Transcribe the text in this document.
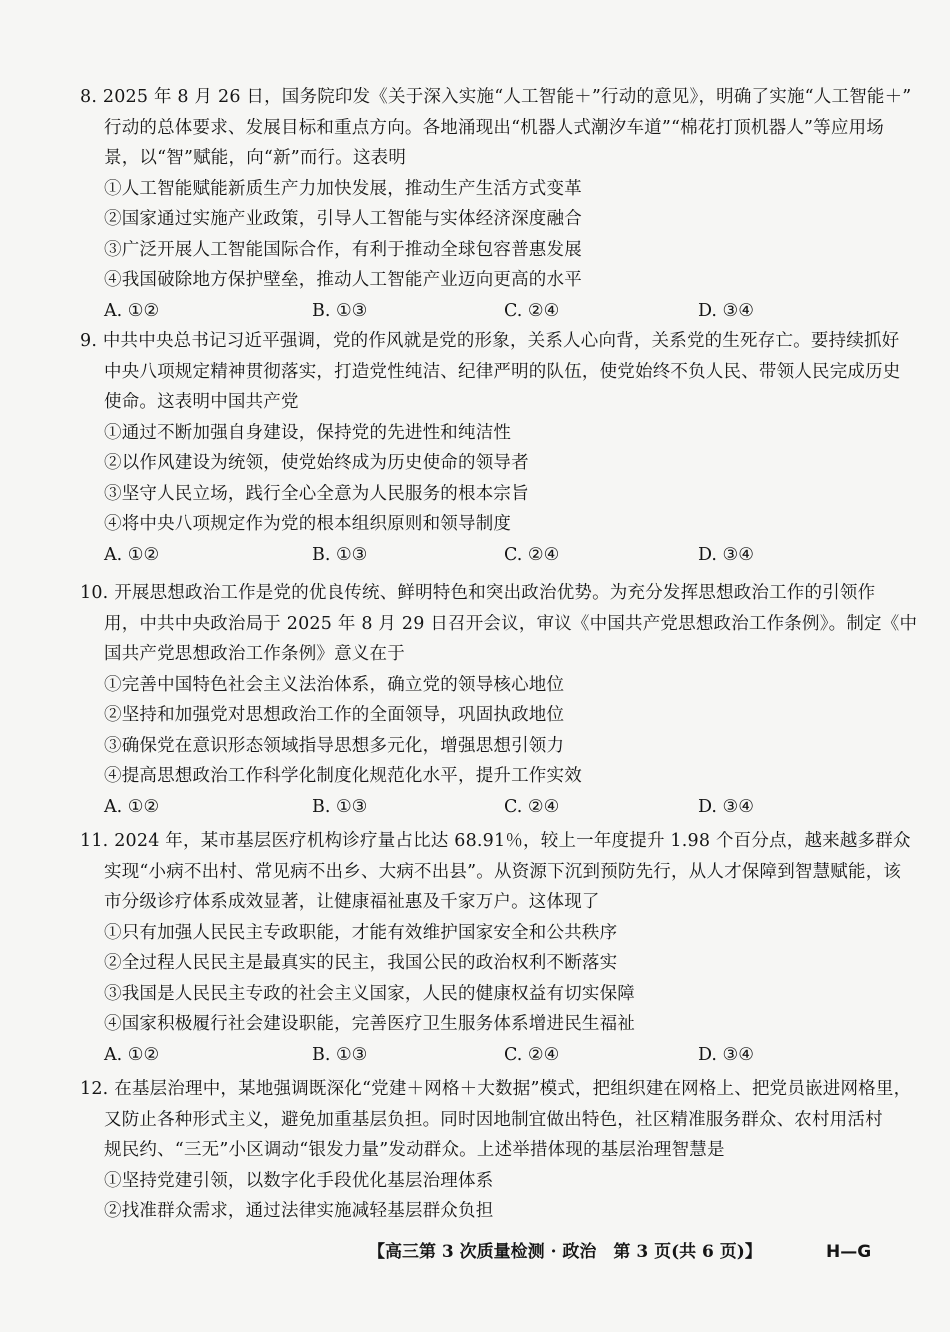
8. 2025 年 8 月 26 日，国务院印发《关于深入实施“人工智能＋”行动的意见》，明确了实施“人工智能＋”
行动的总体要求、发展目标和重点方向。各地涌现出“机器人式潮汐车道”“棉花打顶机器人”等应用场
景，以“智”赋能，向“新”而行。这表明
①人工智能赋能新质生产力加快发展，推动生产生活方式变革
②国家通过实施产业政策，引导人工智能与实体经济深度融合
③广泛开展人工智能国际合作，有利于推动全球包容普惠发展
④我国破除地方保护壁垒，推动人工智能产业迈向更高的水平
A. ①②	B. ①③	C. ②④	D. ③④
9. 中共中央总书记习近平强调，党的作风就是党的形象，关系人心向背，关系党的生死存亡。要持续抓好
中央八项规定精神贯彻落实，打造党性纯洁、纪律严明的队伍，使党始终不负人民、带领人民完成历史
使命。这表明中国共产党
①通过不断加强自身建设，保持党的先进性和纯洁性
②以作风建设为统领，使党始终成为历史使命的领导者
③坚守人民立场，践行全心全意为人民服务的根本宗旨
④将中央八项规定作为党的根本组织原则和领导制度
A. ①②	B. ①③	C. ②④	D. ③④
10. 开展思想政治工作是党的优良传统、鲜明特色和突出政治优势。为充分发挥思想政治工作的引领作
用，中共中央政治局于 2025 年 8 月 29 日召开会议，审议《中国共产党思想政治工作条例》。制定《中
国共产党思想政治工作条例》意义在于
①完善中国特色社会主义法治体系，确立党的领导核心地位
②坚持和加强党对思想政治工作的全面领导，巩固执政地位
③确保党在意识形态领域指导思想多元化，增强思想引领力
④提高思想政治工作科学化制度化规范化水平，提升工作实效
A. ①②	B. ①③	C. ②④	D. ③④
11. 2024 年，某市基层医疗机构诊疗量占比达 68.91％，较上一年度提升 1.98 个百分点，越来越多群众
实现“小病不出村、常见病不出乡、大病不出县”。从资源下沉到预防先行，从人才保障到智慧赋能，该
市分级诊疗体系成效显著，让健康福祉惠及千家万户。这体现了
①只有加强人民民主专政职能，才能有效维护国家安全和公共秩序
②全过程人民民主是最真实的民主，我国公民的政治权利不断落实
③我国是人民民主专政的社会主义国家，人民的健康权益有切实保障
④国家积极履行社会建设职能，完善医疗卫生服务体系增进民生福祉
A. ①②	B. ①③	C. ②④	D. ③④
12. 在基层治理中，某地强调既深化“党建＋网格＋大数据”模式，把组织建在网格上、把党员嵌进网格里，
又防止各种形式主义，避免加重基层负担。同时因地制宜做出特色，社区精准服务群众、农村用活村
规民约、“三无”小区调动“银发力量”发动群众。上述举措体现的基层治理智慧是
①坚持党建引领，以数字化手段优化基层治理体系
②找准群众需求，通过法律实施减轻基层群众负担
【高三第 3 次质量检测 · 政治　第 3 页(共 6 页)】	H—G
